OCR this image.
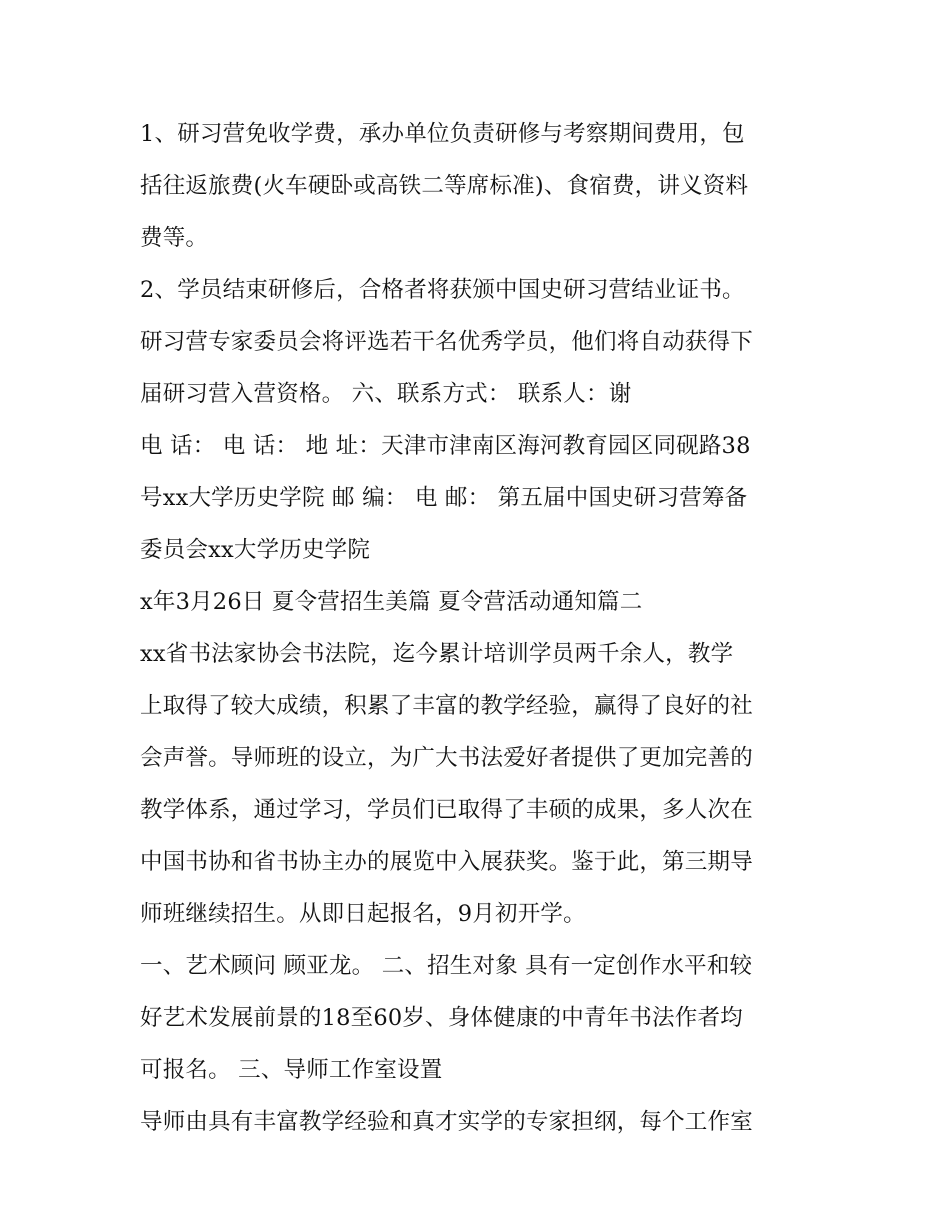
1、研习营免收学费，承办单位负责研修与考察期间费用，包
括往返旅费(火车硬卧或高铁二等席标准)、食宿费，讲义资料
费等。
2、学员结束研修后，合格者将获颁中国史研习营结业证书。
研习营专家委员会将评选若干名优秀学员，他们将自动获得下
届研习营入营资格。 六、联系方式： 联系人：谢
电 话： 电 话： 地 址：天津市津南区海河教育园区同砚路38
号xx大学历史学院 邮 编： 电 邮： 第五届中国史研习营筹备
委员会xx大学历史学院
x年3月26日 夏令营招生美篇 夏令营活动通知篇二
xx省书法家协会书法院，迄今累计培训学员两千余人，教学
上取得了较大成绩，积累了丰富的教学经验，赢得了良好的社
会声誉。导师班的设立，为广大书法爱好者提供了更加完善的
教学体系，通过学习，学员们已取得了丰硕的成果，多人次在
中国书协和省书协主办的展览中入展获奖。鉴于此，第三期导
师班继续招生。从即日起报名，9月初开学。
一、艺术顾问 顾亚龙。 二、招生对象 具有一定创作水平和较
好艺术发展前景的18至60岁、身体健康的中青年书法作者均
可报名。 三、导师工作室设置
导师由具有丰富教学经验和真才实学的专家担纲，每个工作室
